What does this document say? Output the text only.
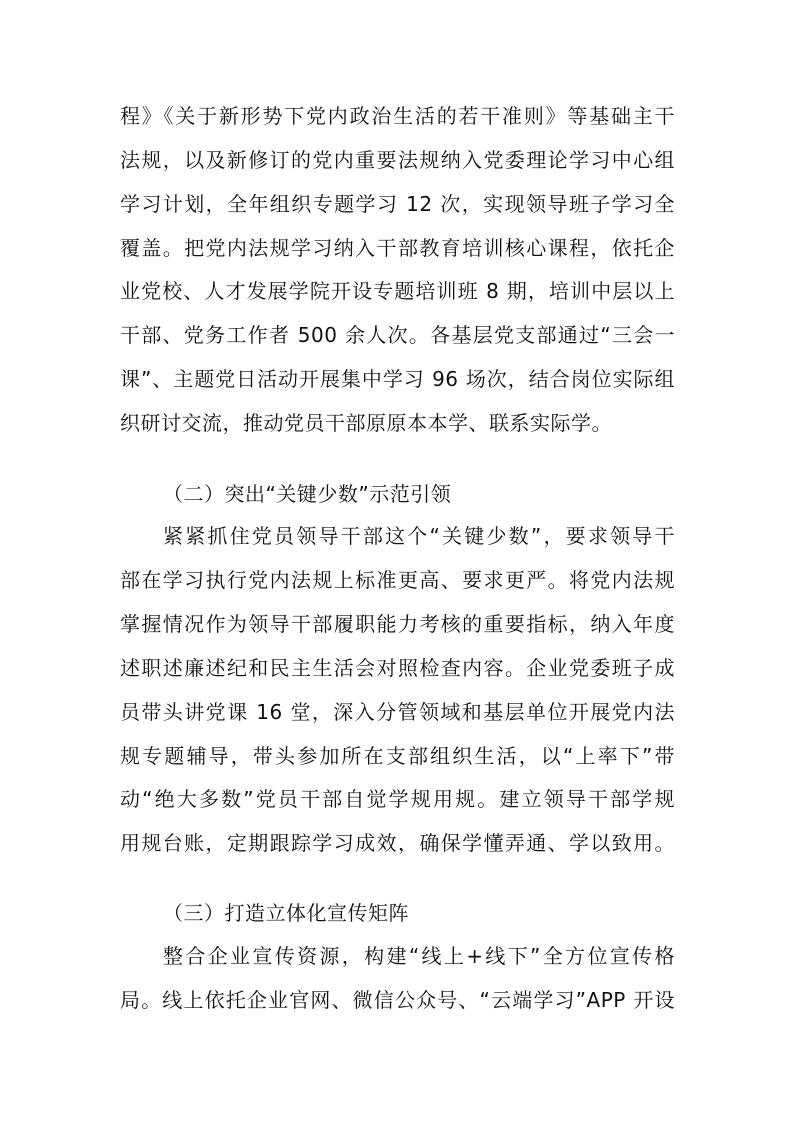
程》《关于新形势下党内政治生活的若干准则》等基础主干
法规，以及新修订的党内重要法规纳入党委理论学习中心组
学习计划，全年组织专题学习 12 次，实现领导班子学习全
覆盖。把党内法规学习纳入干部教育培训核心课程，依托企
业党校、人才发展学院开设专题培训班 8 期，培训中层以上
干部、党务工作者 500 余人次。各基层党支部通过“三会一
课”、主题党日活动开展集中学习 96 场次，结合岗位实际组
织研讨交流，推动党员干部原原本本学、联系实际学。
（二）突出“关键少数”示范引领
紧紧抓住党员领导干部这个“关键少数”，要求领导干
部在学习执行党内法规上标准更高、要求更严。将党内法规
掌握情况作为领导干部履职能力考核的重要指标，纳入年度
述职述廉述纪和民主生活会对照检查内容。企业党委班子成
员带头讲党课 16 堂，深入分管领域和基层单位开展党内法
规专题辅导，带头参加所在支部组织生活，以“上率下”带
动“绝大多数”党员干部自觉学规用规。建立领导干部学规
用规台账，定期跟踪学习成效，确保学懂弄通、学以致用。
（三）打造立体化宣传矩阵
整合企业宣传资源，构建“线上+线下”全方位宣传格
局。线上依托企业官网、微信公众号、“云端学习”APP 开设
